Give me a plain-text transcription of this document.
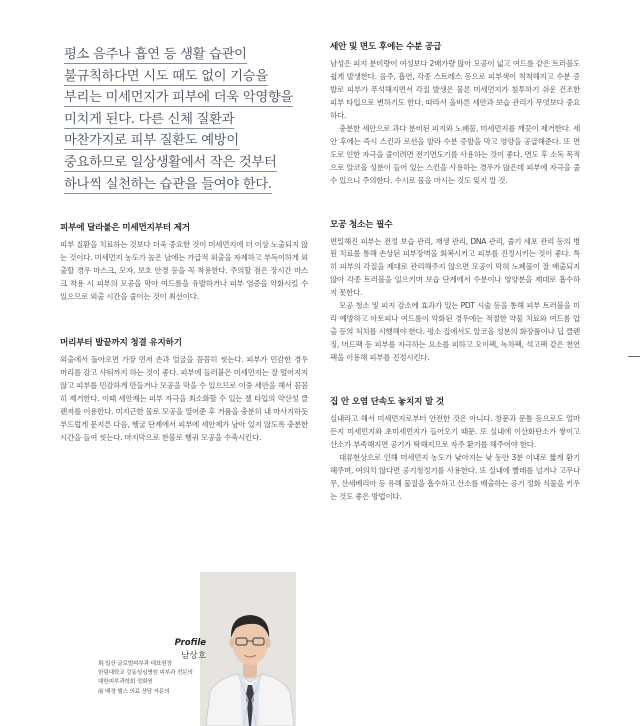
평소 음주나 흡연 등 생활 습관이
불규칙하다면 시도 때도 없이 기승을
부리는 미세먼지가 피부에 더욱 악영향을
미치게 된다. 다른 신체 질환과
마찬가지로 피부 질환도 예방이
중요하므로 일상생활에서 작은 것부터
하나씩 실천하는 습관을 들여야 한다.
피부에 달라붙은 미세먼지부터 제거

피부 질환을 치료하는 것보다 더욱 중요한 것이 미세먼지에 더 이상 노출되지 않는 것이다. 미세먼지 농도가 높은 날에는 가급적 외출을 자제하고 부득이하게 외출할 경우 마스크, 모자, 보호 안경 등을 꼭 착용한다. 주의할 점은 장시간 마스크 착용 시 피부의 모공을 막아 여드름을 유발하거나 피부 염증을 악화시킬 수 있으므로 외출 시간을 줄이는 것이 최선이다.

머리부터 발끝까지 청결 유지하기

외출에서 돌아오면 가장 먼저 손과 얼굴을 꼼꼼히 씻는다. 피부가 민감한 경우 머리를 감고 샤워까지 하는 것이 좋다. 피부에 들러붙은 미세먼지는 잘 떨어지지 않고 피부를 민감하게 만들거나 모공을 막을 수 있으므로 이중 세안을 해서 꼼꼼히 제거한다. 이때 세안제는 피부 자극을 최소화할 수 있는 젤 타입의 약산성 클렌저를 이용한다. 미지근한 물로 모공을 열어준 후 거품을 충분히 내 마사지하듯 부드럽게 문지른 다음, 헹굴 단계에서 피부에 세안제가 남아 있지 않도록 충분한 시간을 들여 씻는다. 마지막으로 찬물로 헹궈 모공을 수축시킨다.

세안 및 면도 후에는 수분 공급

남성은 피지 분비량이 여성보다 2배가량 많아 모공이 넓고 여드름 같은 트러블도 쉽게 발생한다. 음주, 흡연, 각종 스트레스 등으로 피부색이 칙칙해지고 수분 증발로 피부가 푸석해지면서 각질 발생은 물론 미세먼지가 침투하기 쉬운 건조한 피부 타입으로 변하기도 한다. 따라서 올바른 세안과 보습 관리가 무엇보다 중요하다.

충분한 세안으로 과다 분비된 피지와 노폐물, 미세먼지를 깨끗이 제거한다. 세안 후에는 즉시 스킨과 로션을 발라 수분 증발을 막고 영양을 공급해준다. 또 면도로 인한 자극을 줄이려면 전기면도기를 사용하는 것이 좋다. 면도 후 소독 목적으로 알코올 성분이 들어 있는 스킨을 사용하는 경우가 많은데 피부에 자극을 줄 수 있으니 주의한다. 수시로 물을 마시는 것도 잊지 말 것.

모공 청소는 필수

면밀해진 피부는 전정 보습 관리, 재생 관리, DNA 관리, 줄기 세포 관리 등의 병원 치료를 통해 손상된 피부장벽을 회복시키고 피부를 진정시키는 것이 좋다. 특히 피부의 각질을 제대로 관리해주지 않으면 모공이 막혀 노폐물이 잘 배출되지 않아 각종 트러블을 일으키며 보습 단계에서 수분이나 영양분을 제대로 흡수하지 못한다.

모공 청소 및 피지 감소에 효과가 있는 PDT 시술 등을 통해 피부 트러블을 미리 예방하고 아토피나 여드름이 악화된 경우에는 적절한 약물 치료와 여드름 압출 등의 처치를 시행해야 한다. 평소 집에서도 알코올 성분의 화장품이나 딥 클렌징, 머드팩 등 피부를 자극하는 요소를 피하고 오이팩, 녹차팩, 석고팩 같은 천연 팩을 이용해 피부를 진정시킨다.

집 안 오염 단속도 놓치지 말 것

실내라고 해서 미세먼지로부터 안전한 것은 아니다. 창문과 문틈 등으로도 얼마든지 미세먼지와 초미세먼지가 들어오기 때문. 또 실내에 이산화탄소가 쌓이고 산소가 부족해지면 공기가 탁해지므로 자주 환기를 해주어야 한다.

대류현상으로 인해 미세먼지 농도가 낮아지는 낮 동안 3분 이내로 짧게 환기해주며, 여의치 않다면 공기청정기를 사용한다. 또 실내에 빨래를 널거나 고무나무, 산세베리아 등 유해 물질을 흡수하고 산소를 배출하는 공기 정화 식물을 키우는 것도 좋은 방법이다.

Profile
남상호
現 일산 글로벌피부과 대표원장
한림대학교 강동성심병원 피부과 전문의
대한피부과학회 정회원
前 매경 헬스 의료 상담 자문의
